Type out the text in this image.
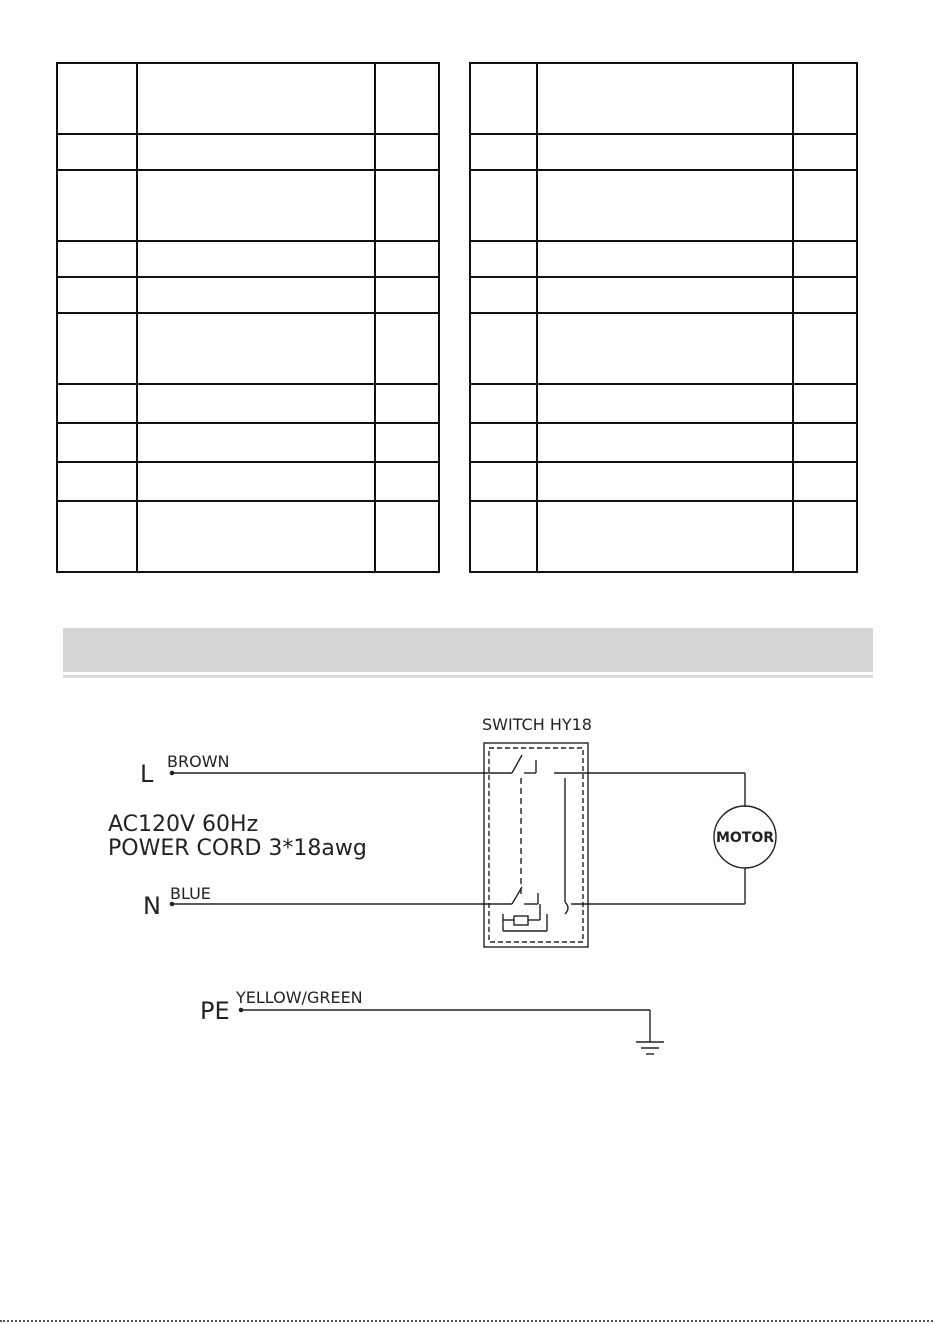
SWITCH HY18
L BROWN
AC120V 60Hz
POWER CORD 3*18awg
N BLUE
MOTOR
PE YELLOW/GREEN
